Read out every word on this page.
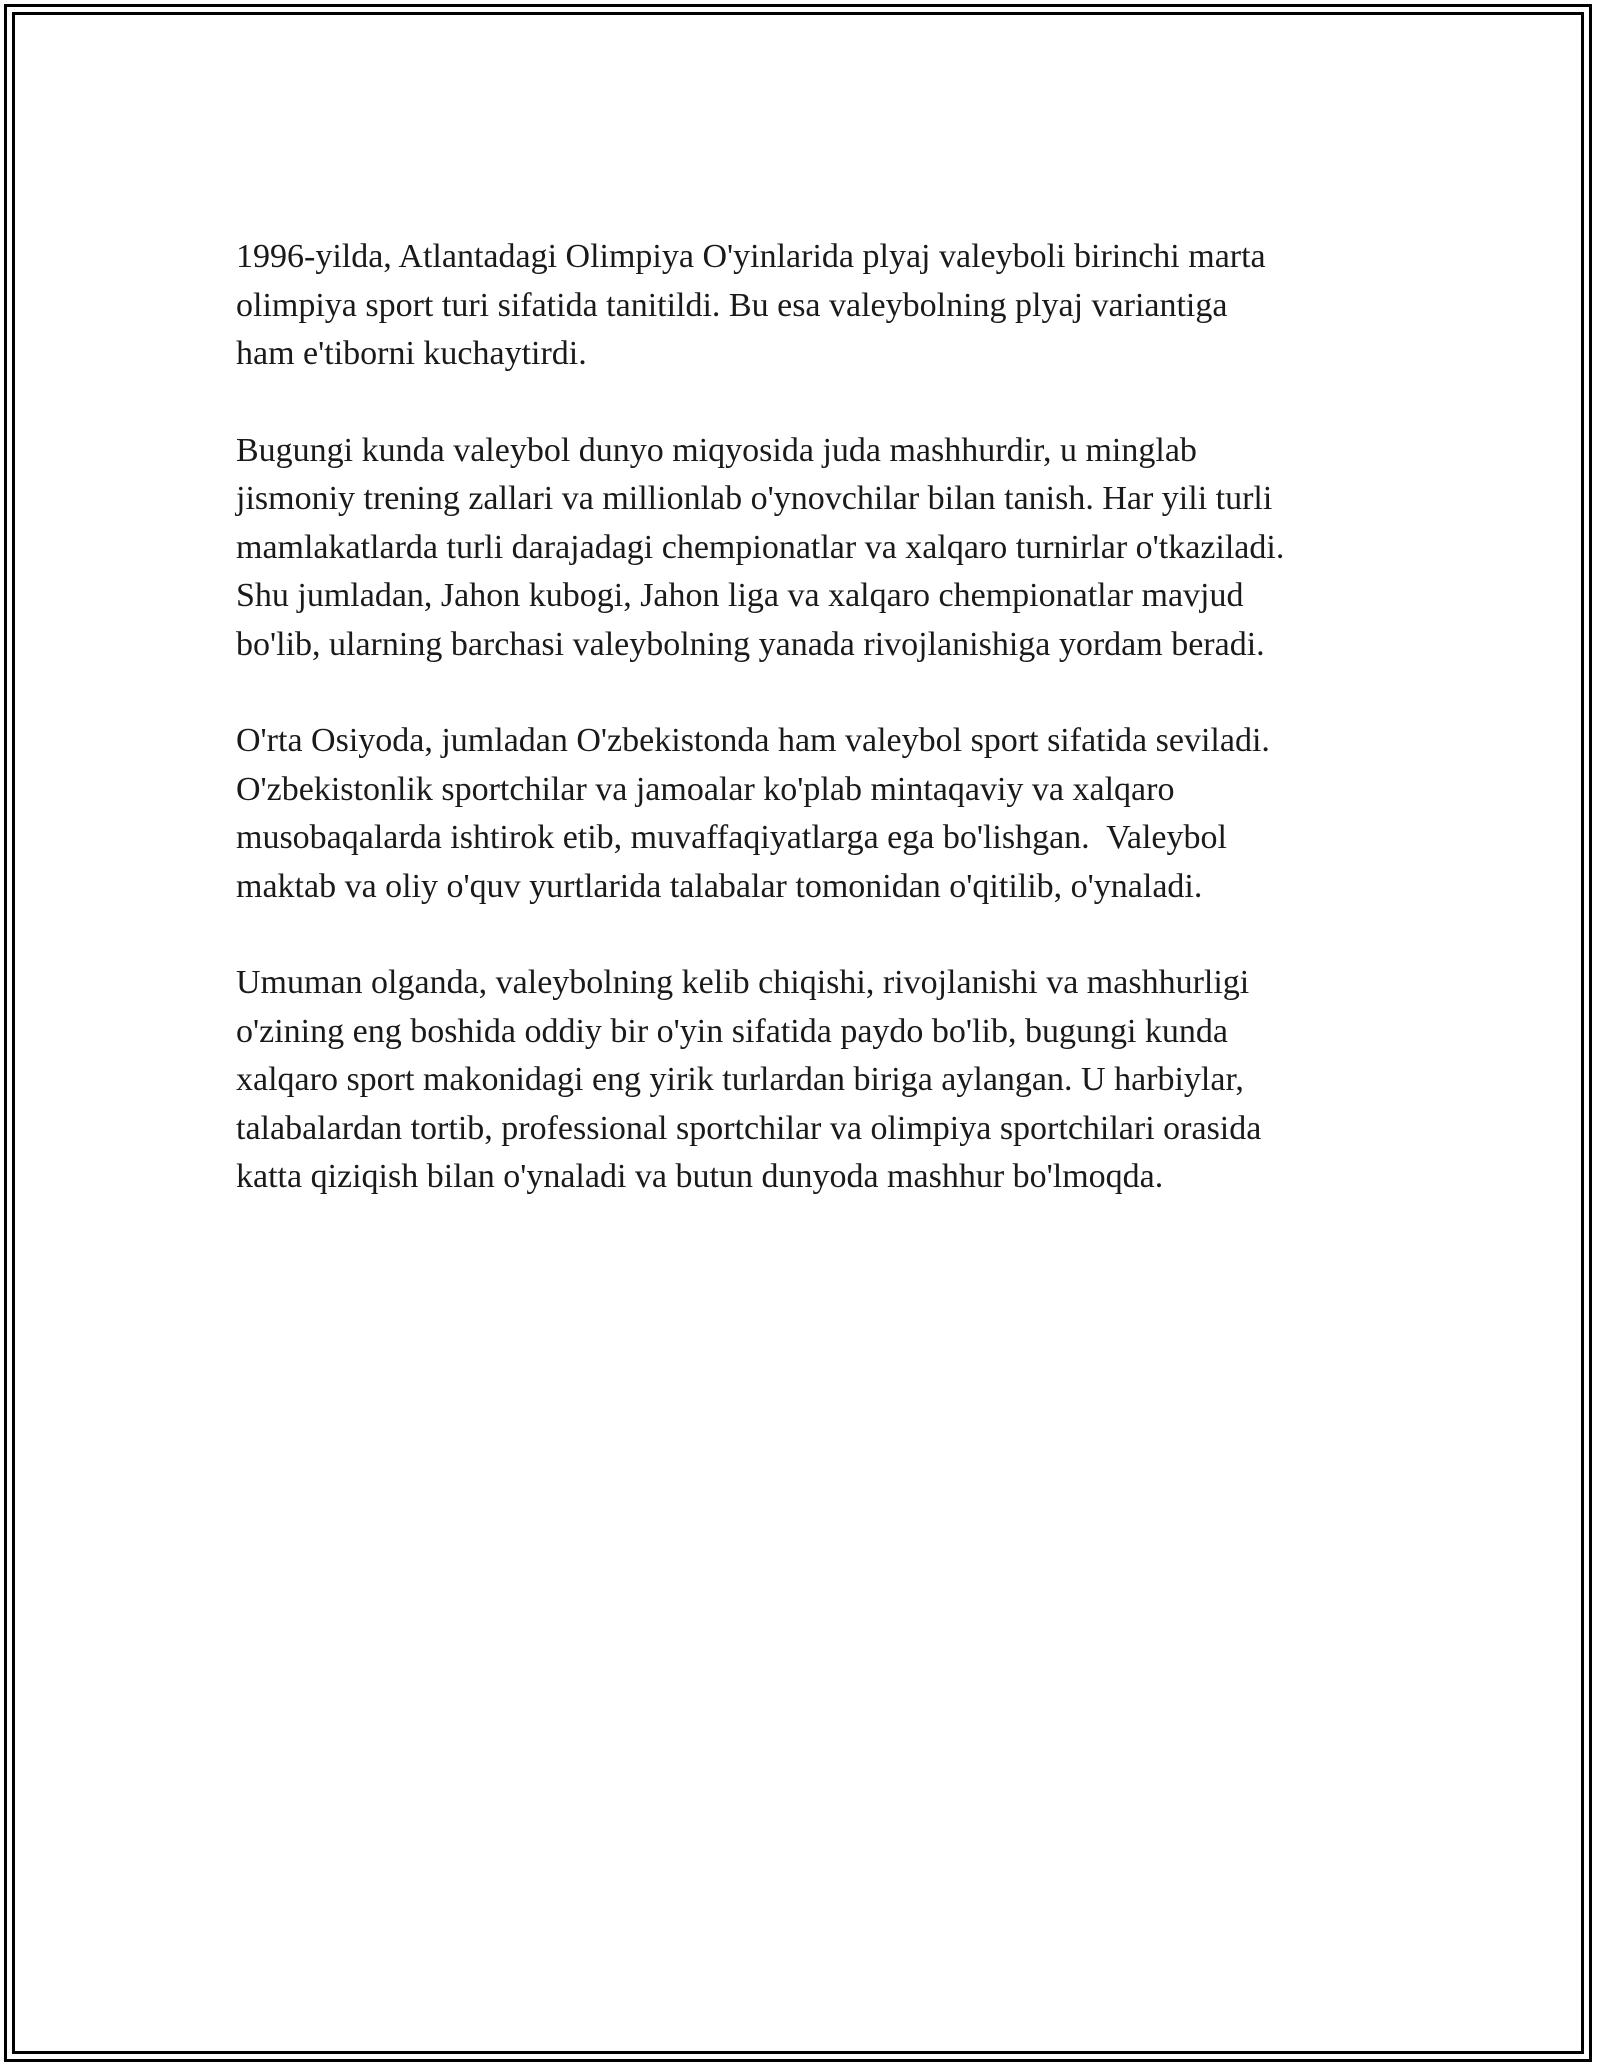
1996-yilda, Atlantadagi Olimpiya O'yinlarida plyaj valeyboli birinchi marta
olimpiya sport turi sifatida tanitildi. Bu esa valeybolning plyaj variantiga
ham e'tiborni kuchaytirdi.

Bugungi kunda valeybol dunyo miqyosida juda mashhurdir, u minglab
jismoniy trening zallari va millionlab o'ynovchilar bilan tanish. Har yili turli
mamlakatlarda turli darajadagi chempionatlar va xalqaro turnirlar o'tkaziladi.
Shu jumladan, Jahon kubogi, Jahon liga va xalqaro chempionatlar mavjud
bo'lib, ularning barchasi valeybolning yanada rivojlanishiga yordam beradi.

O'rta Osiyoda, jumladan O'zbekistonda ham valeybol sport sifatida seviladi.
O'zbekistonlik sportchilar va jamoalar ko'plab mintaqaviy va xalqaro
musobaqalarda ishtirok etib, muvaffaqiyatlarga ega bo'lishgan.  Valeybol
maktab va oliy o'quv yurtlarida talabalar tomonidan o'qitilib, o'ynaladi.

Umuman olganda, valeybolning kelib chiqishi, rivojlanishi va mashhurligi
o'zining eng boshida oddiy bir o'yin sifatida paydo bo'lib, bugungi kunda
xalqaro sport makonidagi eng yirik turlardan biriga aylangan. U harbiylar,
talabalardan tortib, professional sportchilar va olimpiya sportchilari orasida
katta qiziqish bilan o'ynaladi va butun dunyoda mashhur bo'lmoqda.
